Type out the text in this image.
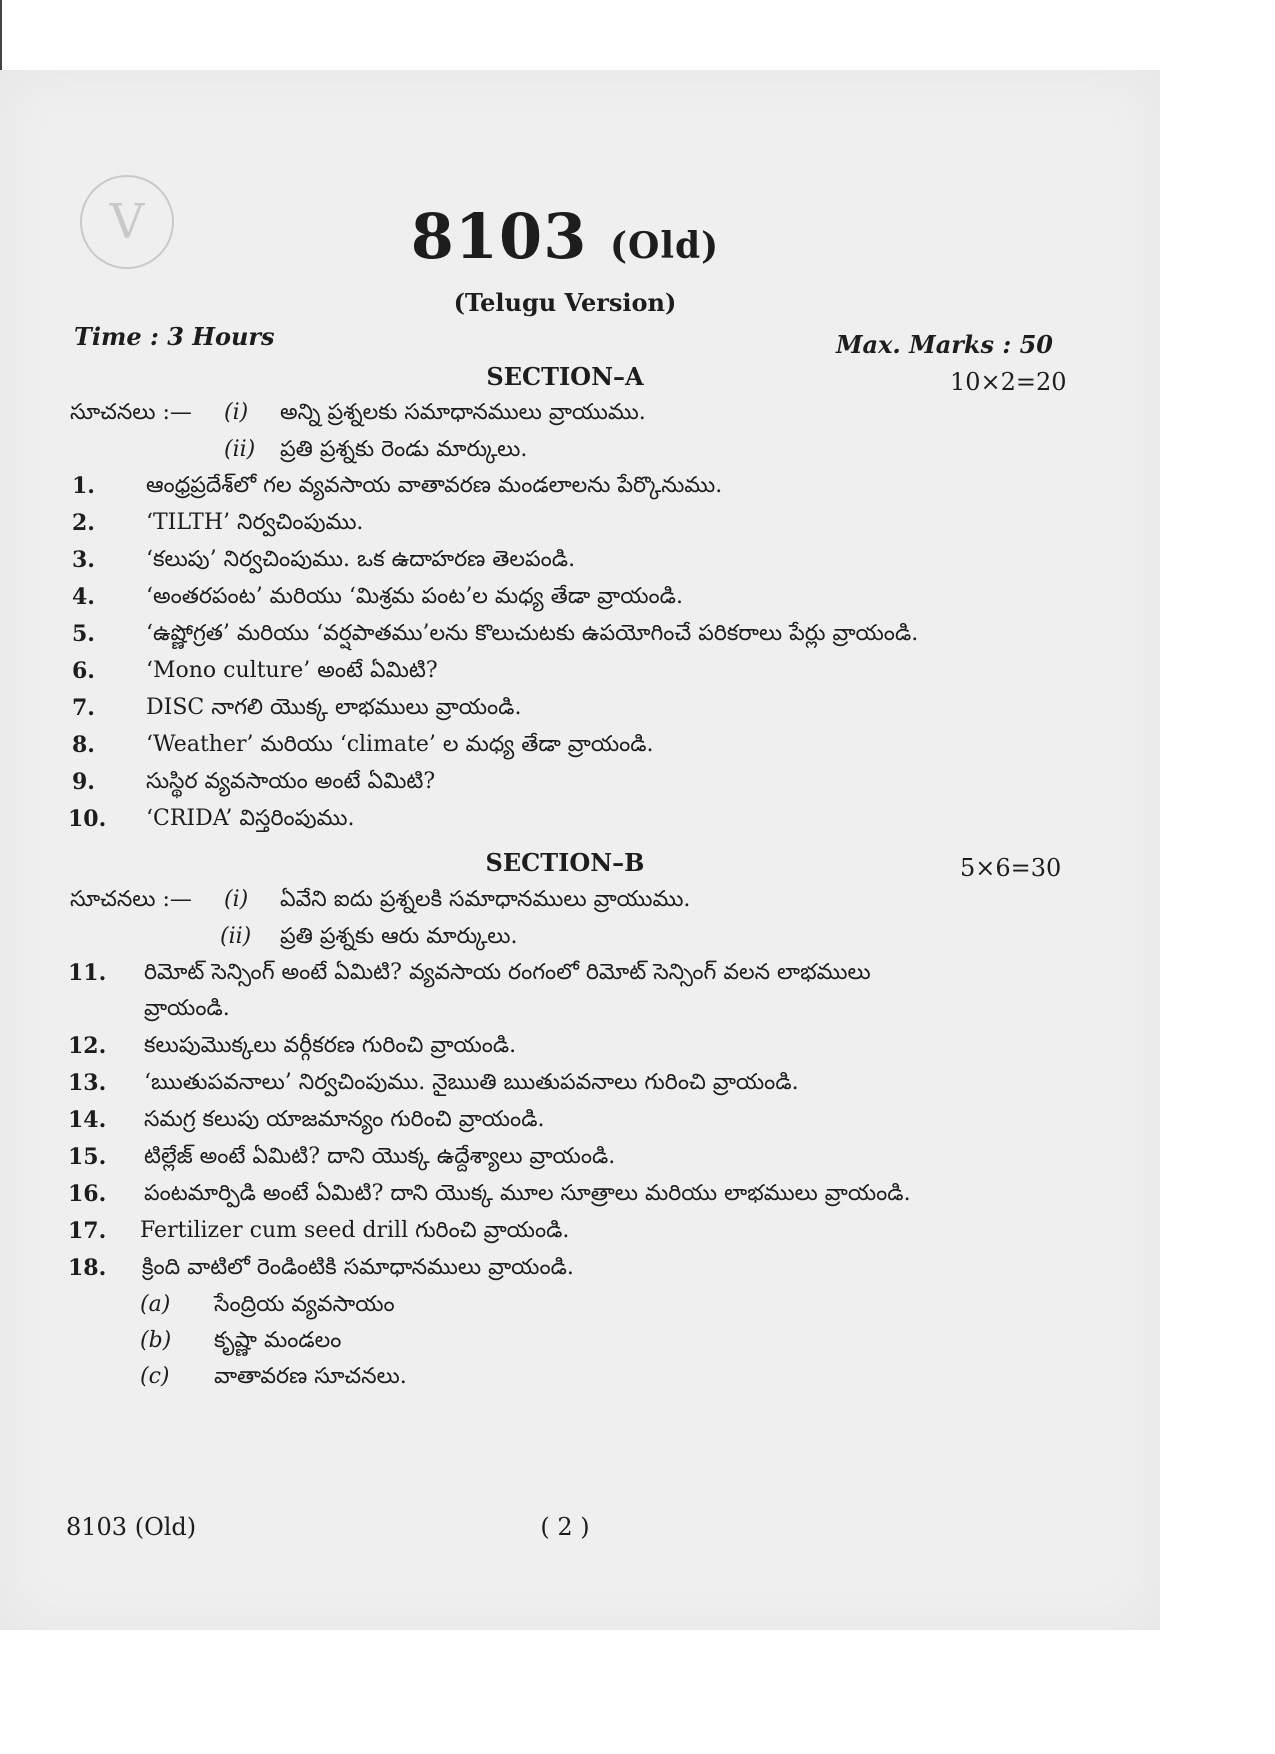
V	8103 (Old)
(Telugu Version)
Time : 3 Hours	Max. Marks : 50
SECTION–A	10×2=20
సూచనలు :— (i) అన్ని ప్రశ్నలకు సమాధానములు వ్రాయుము.
(ii) ప్రతి ప్రశ్నకు రెండు మార్కులు.
1. ఆంధ్రప్రదేశ్‌లో గల వ్యవసాయ వాతావరణ మండలాలను పేర్కొనుము.
2. ‘TILTH’ నిర్వచింపుము.
3. ‘కలుపు’ నిర్వచింపుము. ఒక ఉదాహరణ తెలపండి.
4. ‘అంతరపంట’ మరియు ‘మిశ్రమ పంట’ల మధ్య తేడా వ్రాయండి.
5. ‘ఉష్ణోగ్రత’ మరియు ‘వర్షపాతము’లను కొలుచుటకు ఉపయోగించే పరికరాలు పేర్లు వ్రాయండి.
6. ‘Mono culture’ అంటే ఏమిటి?
7. DISC నాగలి యొక్క లాభములు వ్రాయండి.
8. ‘Weather’ మరియు ‘climate’ ల మధ్య తేడా వ్రాయండి.
9. సుస్థిర వ్యవసాయం అంటే ఏమిటి?
10. ‘CRIDA’ విస్తరింపుము.
SECTION–B	5×6=30
సూచనలు :— (i) ఏవేని ఐదు ప్రశ్నలకి సమాధానములు వ్రాయుము.
(ii) ప్రతి ప్రశ్నకు ఆరు మార్కులు.
11. రిమోట్ సెన్సింగ్ అంటే ఏమిటి? వ్యవసాయ రంగంలో రిమోట్ సెన్సింగ్ వలన లాభములు
వ్రాయండి.
12. కలుపుమొక్కలు వర్గీకరణ గురించి వ్రాయండి.
13. ‘ఋతుపవనాలు’ నిర్వచింపుము. నైఋతి ఋతుపవనాలు గురించి వ్రాయండి.
14. సమగ్ర కలుపు యాజమాన్యం గురించి వ్రాయండి.
15. టిల్లేజ్ అంటే ఏమిటి? దాని యొక్క ఉద్దేశ్యాలు వ్రాయండి.
16. పంటమార్పిడి అంటే ఏమిటి? దాని యొక్క మూల సూత్రాలు మరియు లాభములు వ్రాయండి.
17. Fertilizer cum seed drill గురించి వ్రాయండి.
18. క్రింది వాటిలో రెండింటికి సమాధానములు వ్రాయండి.
(a) సేంద్రియ వ్యవసాయం
(b) కృష్ణా మండలం
(c) వాతావరణ సూచనలు.
8103 (Old)	( 2 )
